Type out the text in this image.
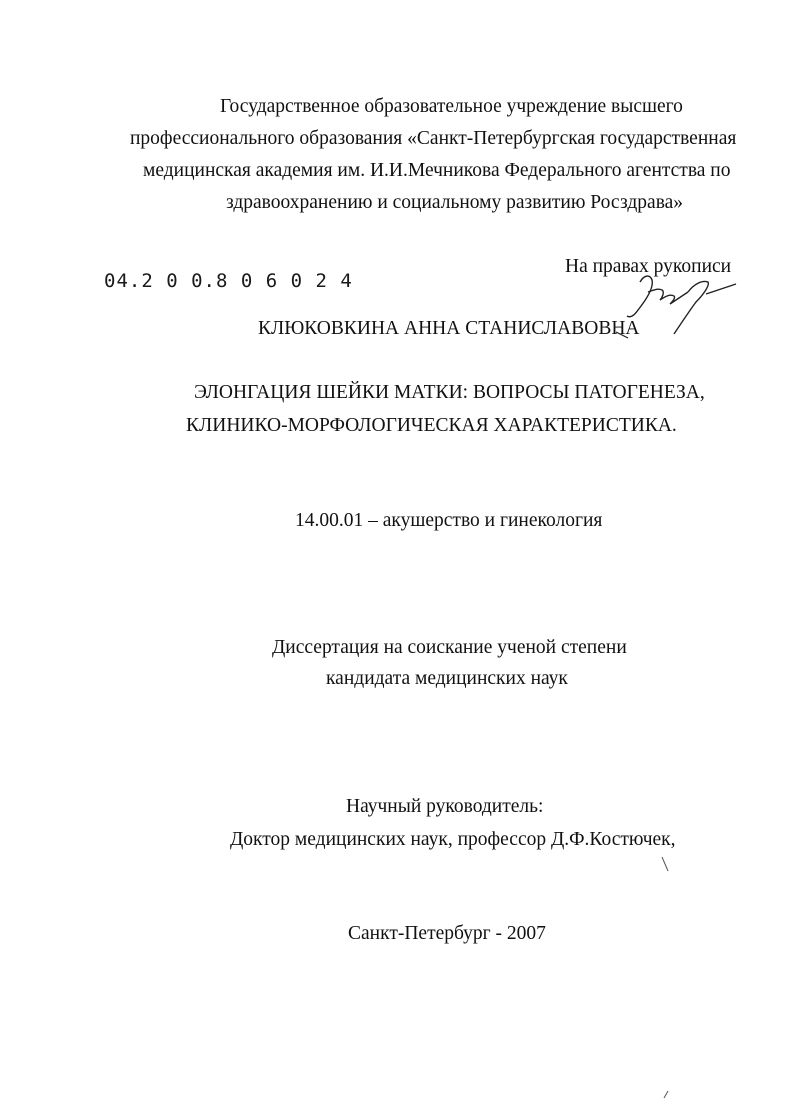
Государственное образовательное учреждение высшего
профессионального образования «Санкт-Петербургская государственная
медицинская академия им. И.И.Мечникова Федерального агентства по
здравоохранению и социальному развитию Росздрава»
04.2 0 0.8 0 6 0 2 4
На правах рукописи
КЛЮКОВКИНА АННА СТАНИСЛАВОВНА
ЭЛОНГАЦИЯ ШЕЙКИ МАТКИ: ВОПРОСЫ ПАТОГЕНЕЗА,
КЛИНИКО-МОРФОЛОГИЧЕСКАЯ ХАРАКТЕРИСТИКА.
14.00.01 – акушерство и гинекология
Диссертация на соискание ученой степени
кандидата медицинских наук
Научный руководитель:
Доктор медицинских наук, профессор Д.Ф.Костючек,
Санкт-Петербург - 2007
